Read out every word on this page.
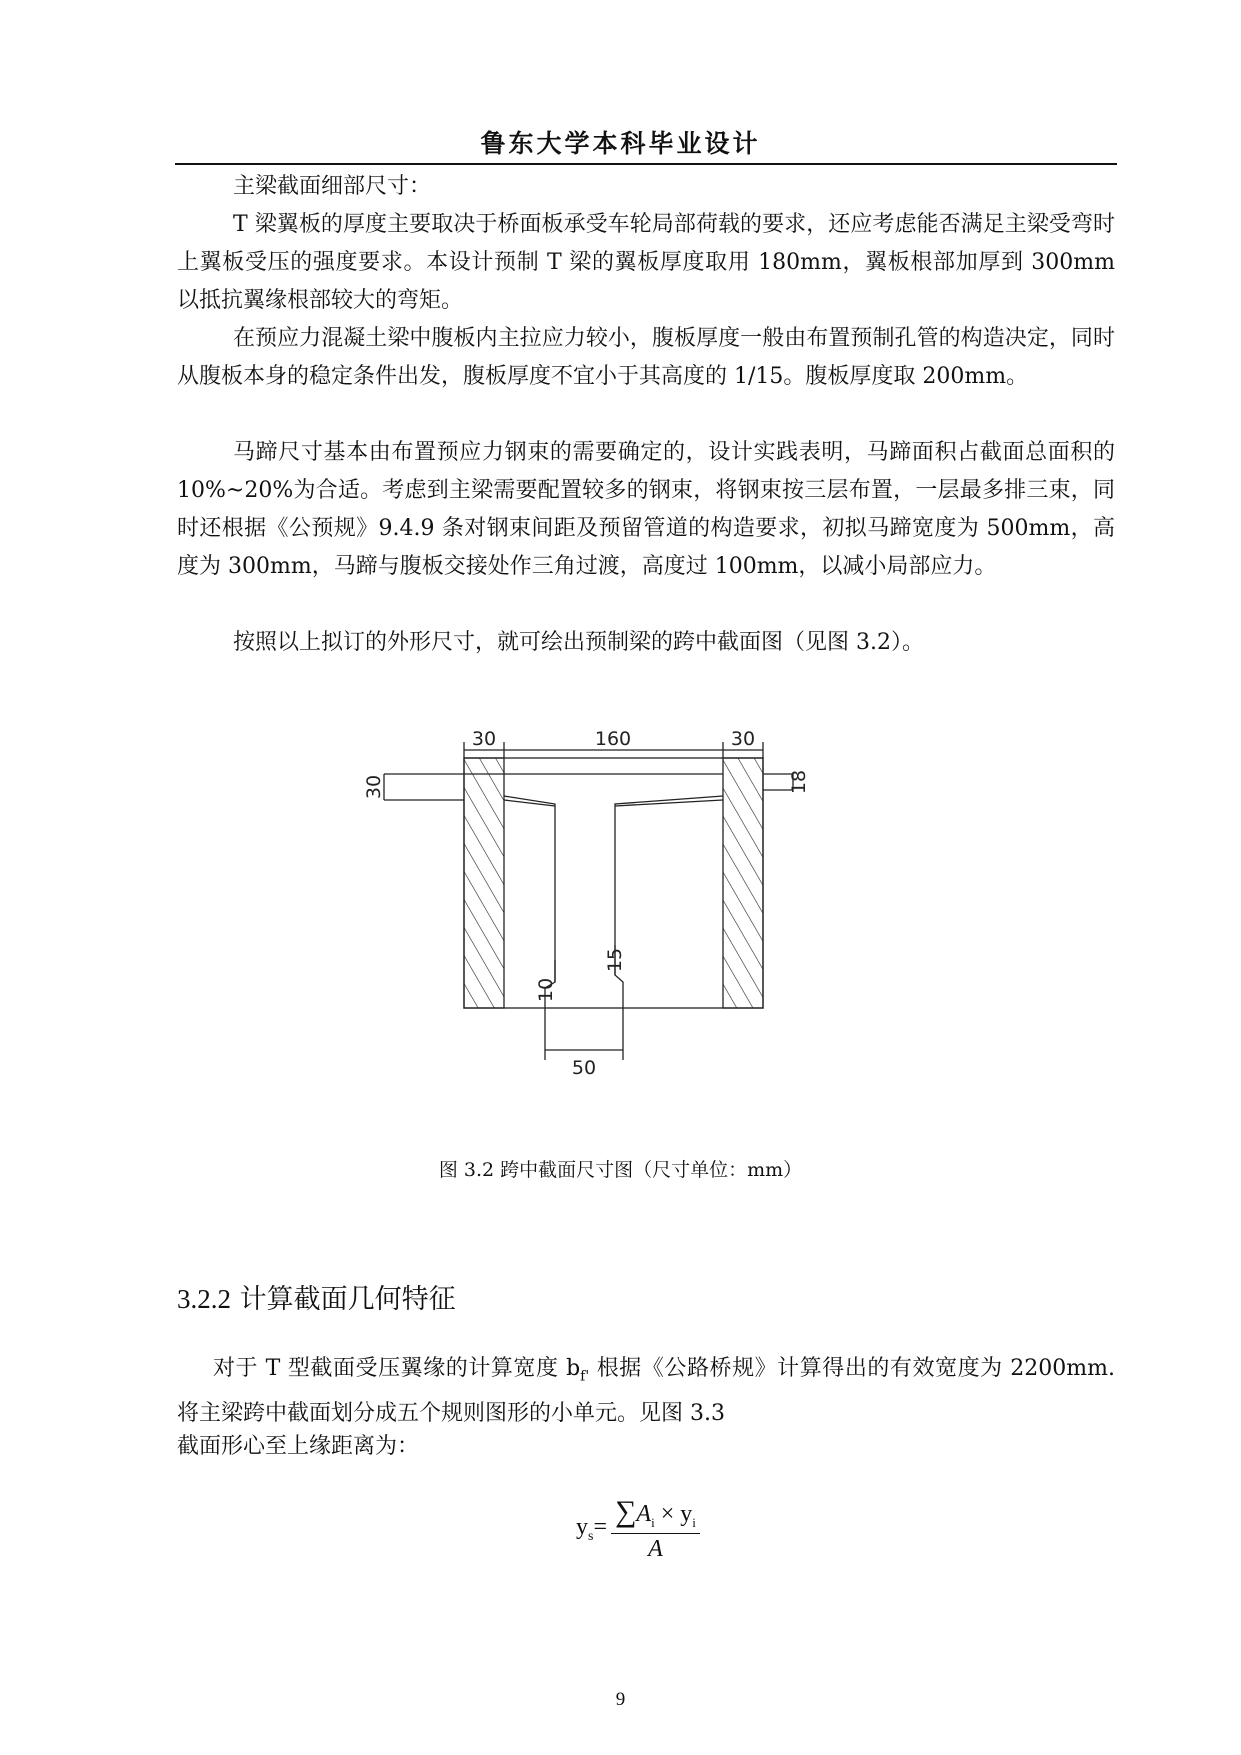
鲁东大学本科毕业设计

主梁截面细部尺寸：

T 梁翼板的厚度主要取决于桥面板承受车轮局部荷载的要求，还应考虑能否满足主梁受弯时上翼板受压的强度要求。本设计预制 T 梁的翼板厚度取用 180mm，翼板根部加厚到 300mm 以抵抗翼缘根部较大的弯矩。

在预应力混凝土梁中腹板内主拉应力较小，腹板厚度一般由布置预制孔管的构造决定，同时从腹板本身的稳定条件出发，腹板厚度不宜小于其高度的 1/15。腹板厚度取 200mm。

马蹄尺寸基本由布置预应力钢束的需要确定的，设计实践表明，马蹄面积占截面总面积的 10%~20%为合适。考虑到主梁需要配置较多的钢束，将钢束按三层布置，一层最多排三束，同时还根据《公预规》9.4.9 条对钢束间距及预留管道的构造要求，初拟马蹄宽度为 500mm，高度为 300mm，马蹄与腹板交接处作三角过渡，高度过 100mm，以减小局部应力。

按照以上拟订的外形尺寸，就可绘出预制梁的跨中截面图（见图 3.2）。

30	160	30
30	18
15
10
50
图 3.2 跨中截面尺寸图（尺寸单位：mm）
3.2.2 计算截面几何特征

对于 T 型截面受压翼缘的计算宽度 $b_{f'}$ 根据《公路桥规》计算得出的有效宽度为 2200mm.将主梁跨中截面划分成五个规则图形的小单元。见图 3.3

截面形心至上缘距离为：

$y_s=$	$\sum A_i \times y_i$
A
9
